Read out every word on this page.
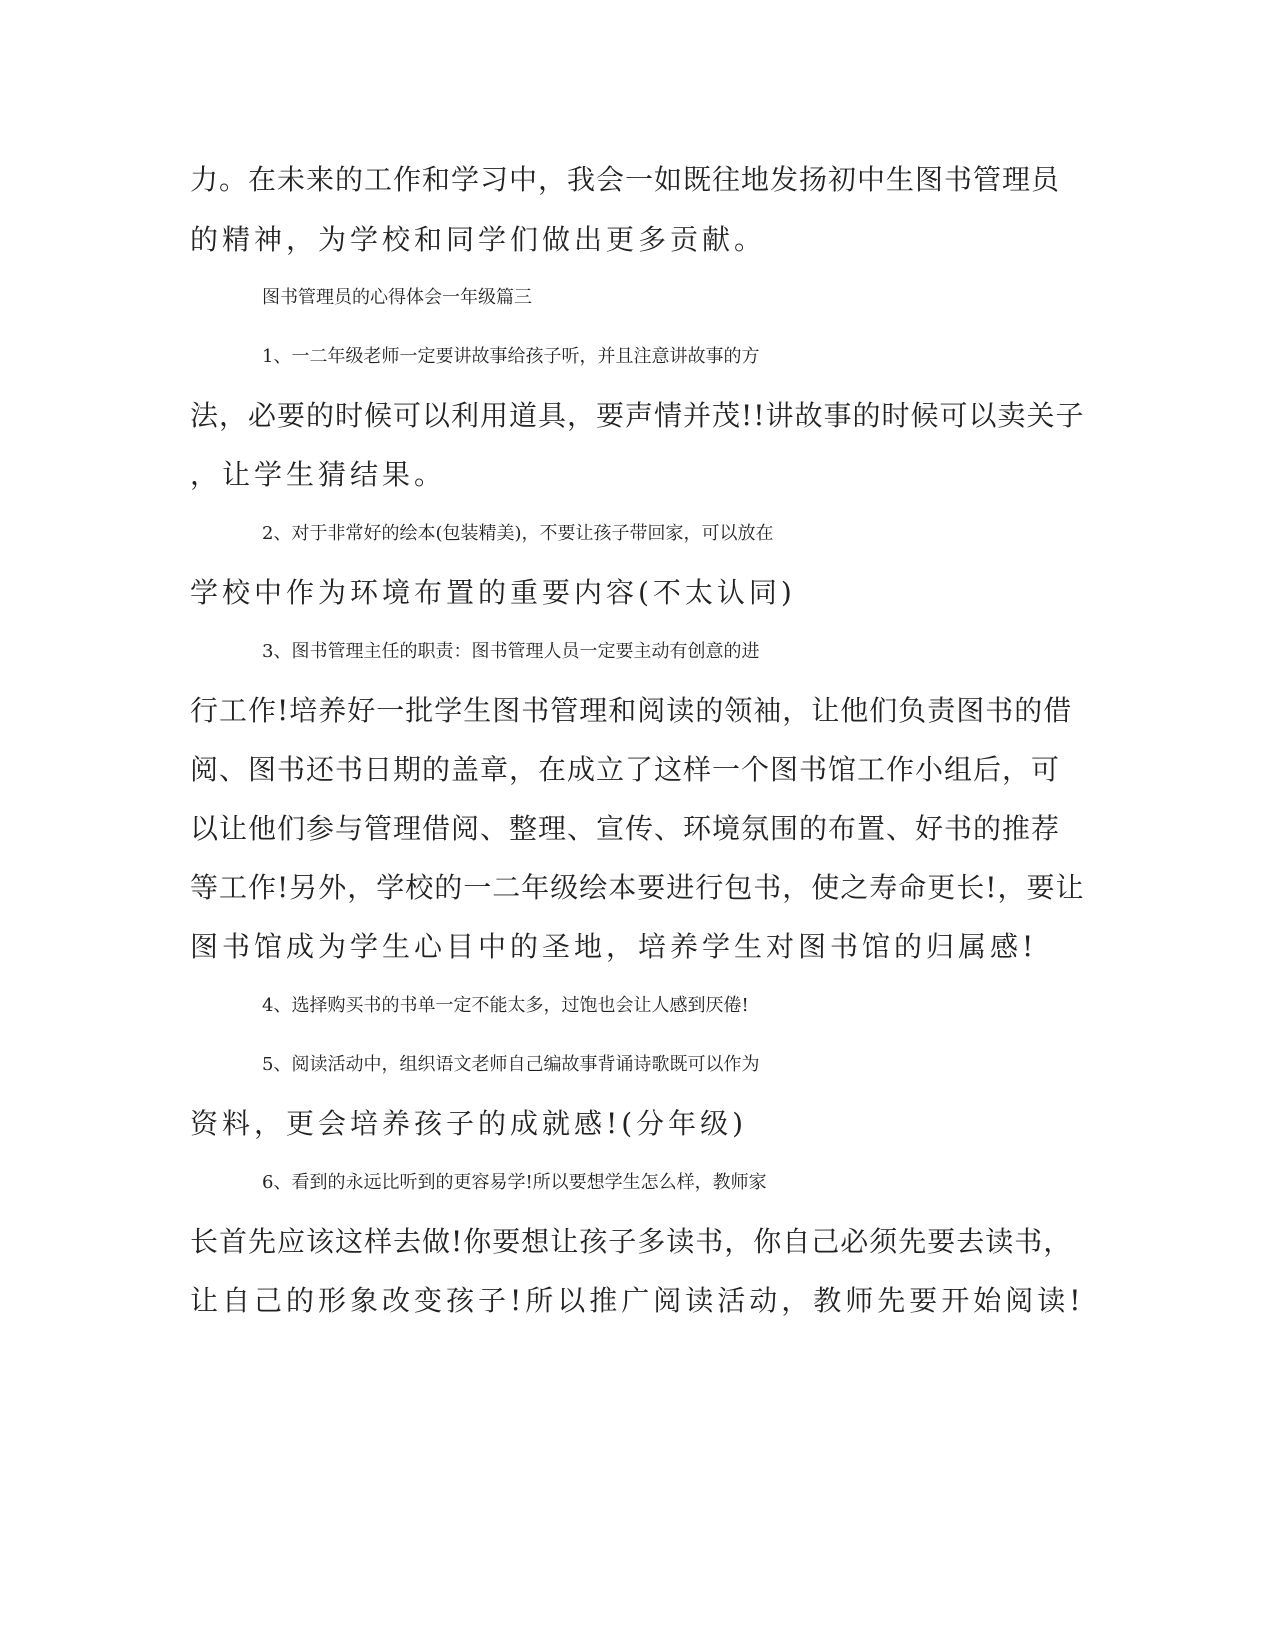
力。在未来的工作和学习中，我会一如既往地发扬初中生图书管理员
的精神，为学校和同学们做出更多贡献。
图书管理员的心得体会一年级篇三
1、一二年级老师一定要讲故事给孩子听，并且注意讲故事的方
法，必要的时候可以利用道具，要声情并茂!!讲故事的时候可以卖关子
，让学生猜结果。
2、对于非常好的绘本(包装精美)，不要让孩子带回家，可以放在
学校中作为环境布置的重要内容(不太认同)
3、图书管理主任的职责：图书管理人员一定要主动有创意的进
行工作!培养好一批学生图书管理和阅读的领袖，让他们负责图书的借
阅、图书还书日期的盖章，在成立了这样一个图书馆工作小组后，可
以让他们参与管理借阅、整理、宣传、环境氛围的布置、好书的推荐
等工作!另外，学校的一二年级绘本要进行包书，使之寿命更长!，要让
图书馆成为学生心目中的圣地，培养学生对图书馆的归属感!
4、选择购买书的书单一定不能太多，过饱也会让人感到厌倦!
5、阅读活动中，组织语文老师自己编故事背诵诗歌既可以作为
资料，更会培养孩子的成就感!(分年级)
6、看到的永远比听到的更容易学!所以要想学生怎么样，教师家
长首先应该这样去做!你要想让孩子多读书，你自己必须先要去读书，
让自己的形象改变孩子!所以推广阅读活动，教师先要开始阅读!
